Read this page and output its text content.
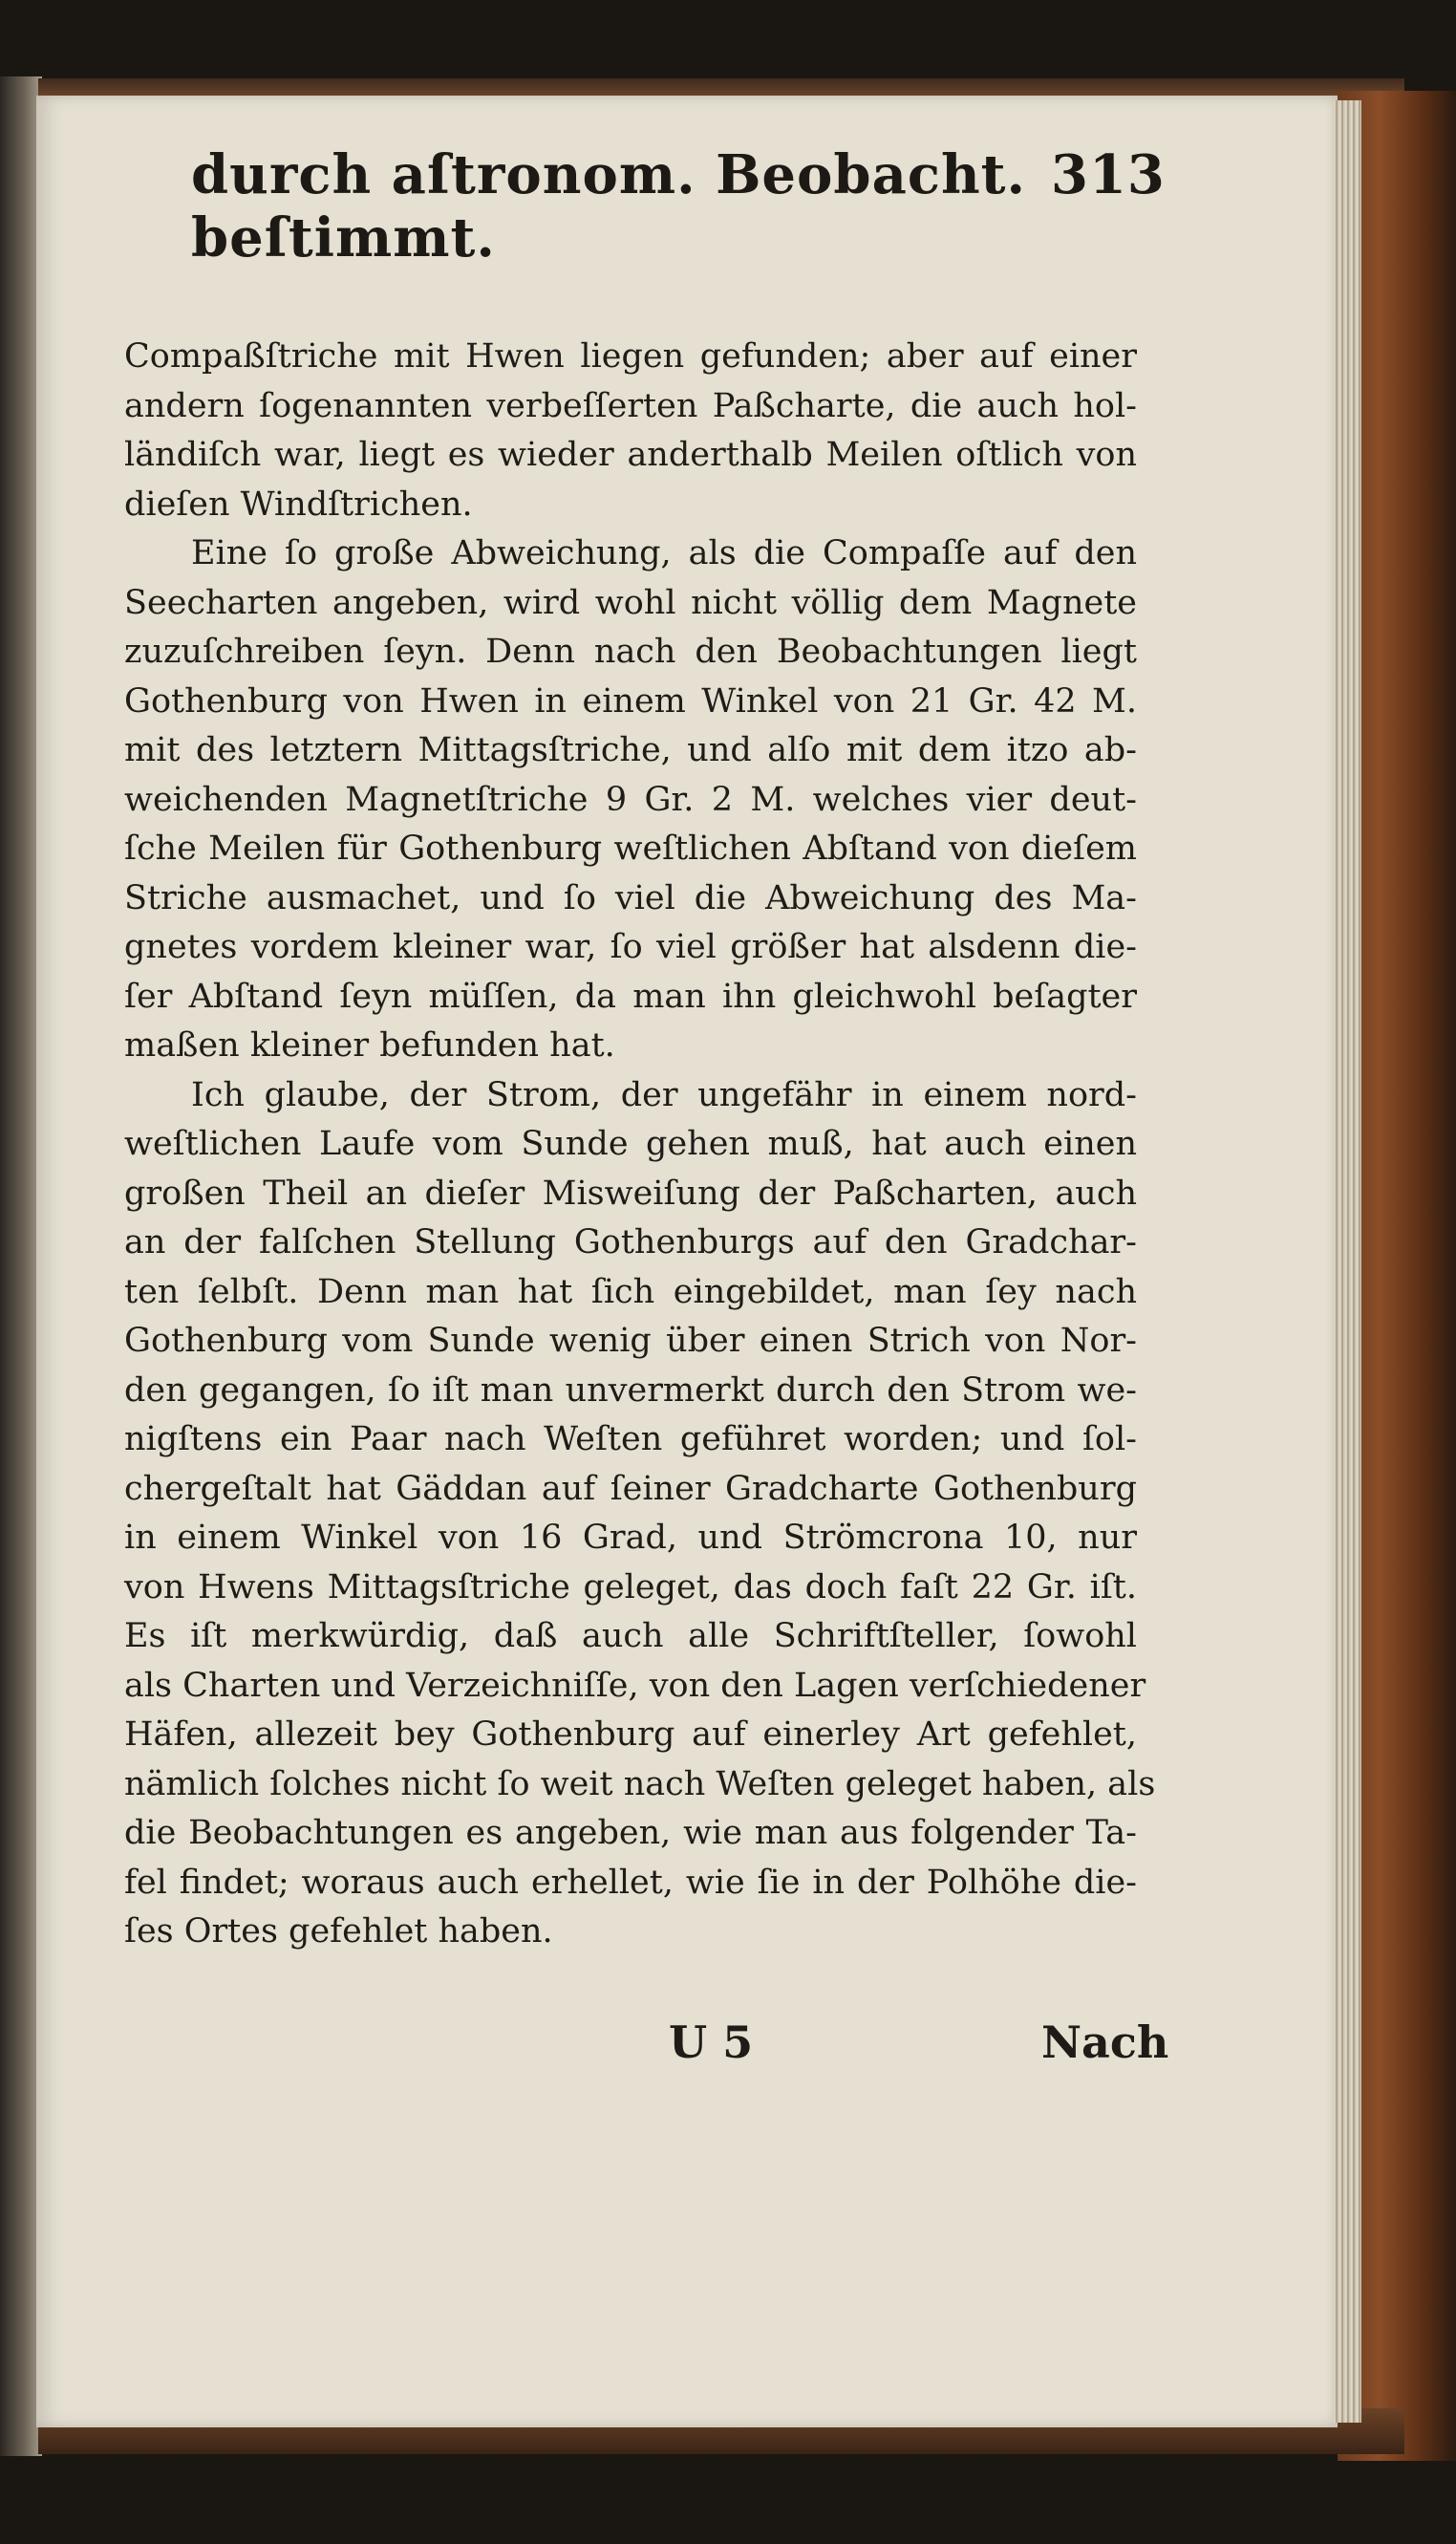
durch aſtronom. Beobacht. beſtimmt.
313
Compaßſtriche mit Hwen liegen gefunden; aber auf einer
andern ſogenannten verbeſſerten Paßcharte, die auch hol-
ländiſch war, liegt es wieder anderthalb Meilen oſtlich von
dieſen Windſtrichen.
Eine ſo große Abweichung, als die Compaſſe auf den
Seecharten angeben, wird wohl nicht völlig dem Magnete
zuzuſchreiben ſeyn. Denn nach den Beobachtungen liegt
Gothenburg von Hwen in einem Winkel von 21 Gr. 42 M.
mit des letztern Mittagsſtriche, und alſo mit dem itzo ab-
weichenden Magnetſtriche 9 Gr. 2 M. welches vier deut-
ſche Meilen für Gothenburg weſtlichen Abſtand von dieſem
Striche ausmachet, und ſo viel die Abweichung des Ma-
gnetes vordem kleiner war, ſo viel größer hat alsdenn die-
ſer Abſtand ſeyn müſſen, da man ihn gleichwohl beſagter
maßen kleiner befunden hat.
Ich glaube, der Strom, der ungefähr in einem nord-
weſtlichen Laufe vom Sunde gehen muß, hat auch einen
großen Theil an dieſer Misweiſung der Paßcharten, auch
an der falſchen Stellung Gothenburgs auf den Gradchar-
ten ſelbſt. Denn man hat ſich eingebildet, man ſey nach
Gothenburg vom Sunde wenig über einen Strich von Nor-
den gegangen, ſo iſt man unvermerkt durch den Strom we-
nigſtens ein Paar nach Weſten geführet worden; und ſol-
chergeſtalt hat Gäddan auf ſeiner Gradcharte Gothenburg
in einem Winkel von 16 Grad, und Strömcrona 10, nur
von Hwens Mittagsſtriche geleget, das doch faſt 22 Gr. iſt.
Es iſt merkwürdig, daß auch alle Schriftſteller, ſowohl
als Charten und Verzeichniſſe, von den Lagen verſchiedener
Häfen, allezeit bey Gothenburg auf einerley Art gefehlet,
nämlich ſolches nicht ſo weit nach Weſten geleget haben, als
die Beobachtungen es angeben, wie man aus folgender Ta-
fel findet; woraus auch erhellet, wie ſie in der Polhöhe die-
ſes Ortes gefehlet haben.
U 5	Nach
